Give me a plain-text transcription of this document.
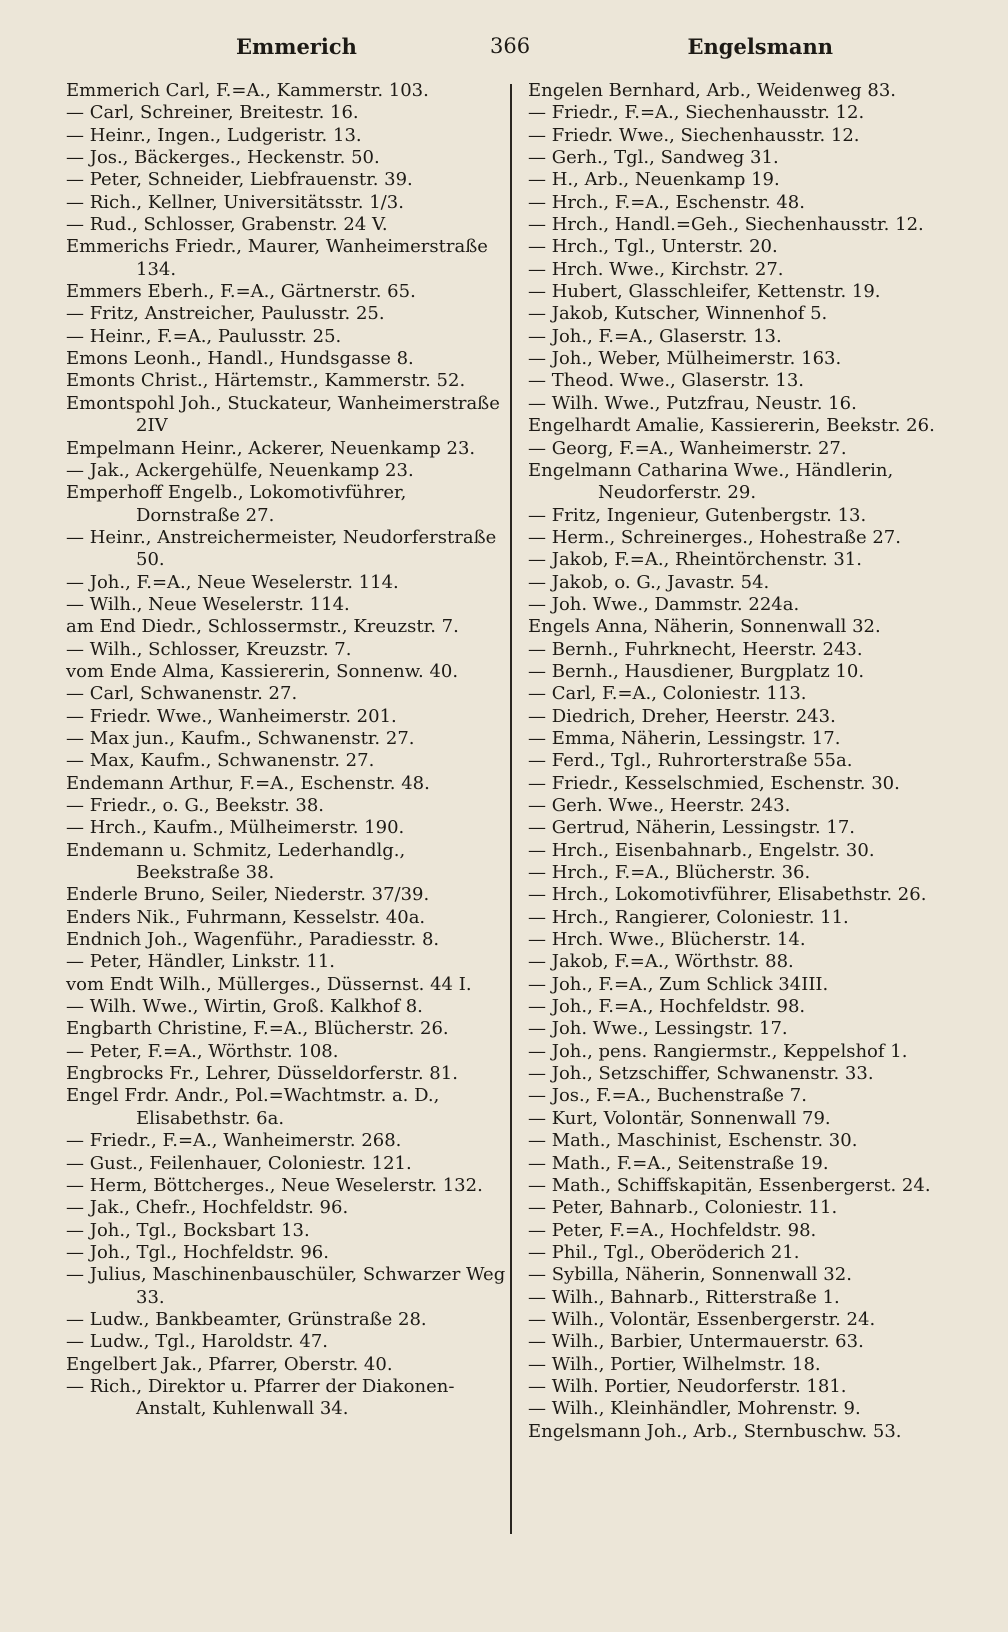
Emmerich	366	Engelsmann

Emmerich Carl, F.=A., Kammerstr. 103.

— Carl, Schreiner, Breitestr. 16.

— Heinr., Ingen., Ludgeristr. 13.

— Jos., Bäckerges., Heckenstr. 50.

— Peter, Schneider, Liebfrauenstr. 39.

— Rich., Kellner, Universitätsstr. 1/3.

— Rud., Schlosser, Grabenstr. 24 V.

Emmerichs Friedr., Maurer, Wanheimerstraße 134.

Emmers Eberh., F.=A., Gärtnerstr. 65.

— Fritz, Anstreicher, Paulusstr. 25.

— Heinr., F.=A., Paulusstr. 25.

Emons Leonh., Handl., Hundsgasse 8.

Emonts Christ., Härtemstr., Kammerstr. 52.

Emontspohl Joh., Stuckateur, Wanheimerstraße 2IV

Empelmann Heinr., Ackerer, Neuenkamp 23.

— Jak., Ackergehülfe, Neuenkamp 23.

Emperhoff Engelb., Lokomotivführer, Dornstraße 27.

— Heinr., Anstreichermeister, Neudorferstraße 50.

— Joh., F.=A., Neue Weselerstr. 114.

— Wilh., Neue Weselerstr. 114.

am End Diedr., Schlossermstr., Kreuzstr. 7.

— Wilh., Schlosser, Kreuzstr. 7.

vom Ende Alma, Kassiererin, Sonnenw. 40.

— Carl, Schwanenstr. 27.

— Friedr. Wwe., Wanheimerstr. 201.

— Max jun., Kaufm., Schwanenstr. 27.

— Max, Kaufm., Schwanenstr. 27.

Endemann Arthur, F.=A., Eschenstr. 48.

— Friedr., o. G., Beekstr. 38.

— Hrch., Kaufm., Mülheimerstr. 190.

Endemann u. Schmitz, Lederhandlg., Beekstraße 38.

Enderle Bruno, Seiler, Niederstr. 37/39.

Enders Nik., Fuhrmann, Kesselstr. 40a.

Endnich Joh., Wagenführ., Paradiesstr. 8.

— Peter, Händler, Linkstr. 11.

vom Endt Wilh., Müllerges., Düssernst. 44 I.

— Wilh. Wwe., Wirtin, Groß. Kalkhof 8.

Engbarth Christine, F.=A., Blücherstr. 26.

— Peter, F.=A., Wörthstr. 108.

Engbrocks Fr., Lehrer, Düsseldorferstr. 81.

Engel Frdr. Andr., Pol.=Wachtmstr. a. D., Elisabethstr. 6a.

— Friedr., F.=A., Wanheimerstr. 268.

— Gust., Feilenhauer, Coloniestr. 121.

— Herm, Böttcherges., Neue Weselerstr. 132.

— Jak., Chefr., Hochfeldstr. 96.

— Joh., Tgl., Bocksbart 13.

— Joh., Tgl., Hochfeldstr. 96.

— Julius, Maschinenbauschüler, Schwarzer Weg 33.

— Ludw., Bankbeamter, Grünstraße 28.

— Ludw., Tgl., Haroldstr. 47.

Engelbert Jak., Pfarrer, Oberstr. 40.

— Rich., Direktor u. Pfarrer der Diakonen-Anstalt, Kuhlenwall 34.

Engelen Bernhard, Arb., Weidenweg 83.

— Friedr., F.=A., Siechenhausstr. 12.

— Friedr. Wwe., Siechenhausstr. 12.

— Gerh., Tgl., Sandweg 31.

— H., Arb., Neuenkamp 19.

— Hrch., F.=A., Eschenstr. 48.

— Hrch., Handl.=Geh., Siechenhausstr. 12.

— Hrch., Tgl., Unterstr. 20.

— Hrch. Wwe., Kirchstr. 27.

— Hubert, Glasschleifer, Kettenstr. 19.

— Jakob, Kutscher, Winnenhof 5.

— Joh., F.=A., Glaserstr. 13.

— Joh., Weber, Mülheimerstr. 163.

— Theod. Wwe., Glaserstr. 13.

— Wilh. Wwe., Putzfrau, Neustr. 16.

Engelhardt Amalie, Kassiererin, Beekstr. 26.

— Georg, F.=A., Wanheimerstr. 27.

Engelmann Catharina Wwe., Händlerin, Neudorferstr. 29.

— Fritz, Ingenieur, Gutenbergstr. 13.

— Herm., Schreinerges., Hohestraße 27.

— Jakob, F.=A., Rheintörchenstr. 31.

— Jakob, o. G., Javastr. 54.

— Joh. Wwe., Dammstr. 224a.

Engels Anna, Näherin, Sonnenwall 32.

— Bernh., Fuhrknecht, Heerstr. 243.

— Bernh., Hausdiener, Burgplatz 10.

— Carl, F.=A., Coloniestr. 113.

— Diedrich, Dreher, Heerstr. 243.

— Emma, Näherin, Lessingstr. 17.

— Ferd., Tgl., Ruhrorterstraße 55a.

— Friedr., Kesselschmied, Eschenstr. 30.

— Gerh. Wwe., Heerstr. 243.

— Gertrud, Näherin, Lessingstr. 17.

— Hrch., Eisenbahnarb., Engelstr. 30.

— Hrch., F.=A., Blücherstr. 36.

— Hrch., Lokomotivführer, Elisabethstr. 26.

— Hrch., Rangierer, Coloniestr. 11.

— Hrch. Wwe., Blücherstr. 14.

— Jakob, F.=A., Wörthstr. 88.

— Joh., F.=A., Zum Schlick 34III.

— Joh., F.=A., Hochfeldstr. 98.

— Joh. Wwe., Lessingstr. 17.

— Joh., pens. Rangiermstr., Keppelshof 1.

— Joh., Setzschiffer, Schwanenstr. 33.

— Jos., F.=A., Buchenstraße 7.

— Kurt, Volontär, Sonnenwall 79.

— Math., Maschinist, Eschenstr. 30.

— Math., F.=A., Seitenstraße 19.

— Math., Schiffskapitän, Essenbergerst. 24.

— Peter, Bahnarb., Coloniestr. 11.

— Peter, F.=A., Hochfeldstr. 98.

— Phil., Tgl., Oberöderich 21.

— Sybilla, Näherin, Sonnenwall 32.

— Wilh., Bahnarb., Ritterstraße 1.

— Wilh., Volontär, Essenbergerstr. 24.

— Wilh., Barbier, Untermauerstr. 63.

— Wilh., Portier, Wilhelmstr. 18.

— Wilh. Portier, Neudorferstr. 181.

— Wilh., Kleinhändler, Mohrenstr. 9.

Engelsmann Joh., Arb., Sternbuschw. 53.
